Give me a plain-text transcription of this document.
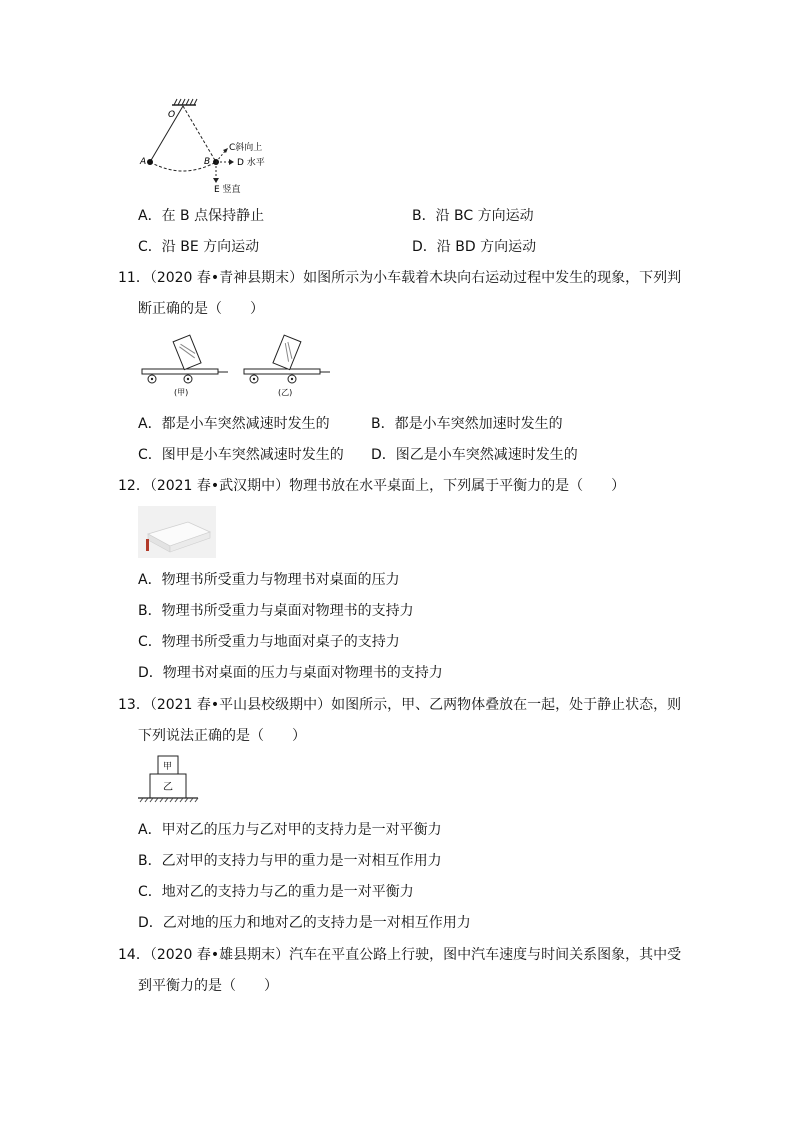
O
A	B
C斜向上
D 水平
E 竖直
A．在 B 点保持静止	B．沿 BC 方向运动
C．沿 BE 方向运动	D．沿 BD 方向运动
11．（2020 春•青神县期末）如图所示为小车载着木块向右运动过程中发生的现象，下列判
断正确的是（　　）
(甲)	(乙)
A．都是小车突然减速时发生的	B．都是小车突然加速时发生的
C．图甲是小车突然减速时发生的 D．图乙是小车突然减速时发生的
12．（2021 春•武汉期中）物理书放在水平桌面上，下列属于平衡力的是（　　）
A．物理书所受重力与物理书对桌面的压力
B．物理书所受重力与桌面对物理书的支持力
C．物理书所受重力与地面对桌子的支持力
D．物理书对桌面的压力与桌面对物理书的支持力
13．（2021 春•平山县校级期中）如图所示，甲、乙两物体叠放在一起，处于静止状态，则
下列说法正确的是（　　）
甲
乙
A．甲对乙的压力与乙对甲的支持力是一对平衡力
B．乙对甲的支持力与甲的重力是一对相互作用力
C．地对乙的支持力与乙的重力是一对平衡力
D．乙对地的压力和地对乙的支持力是一对相互作用力
14．（2020 春•雄县期末）汽车在平直公路上行驶，图中汽车速度与时间关系图象，其中受
到平衡力的是（　　）
